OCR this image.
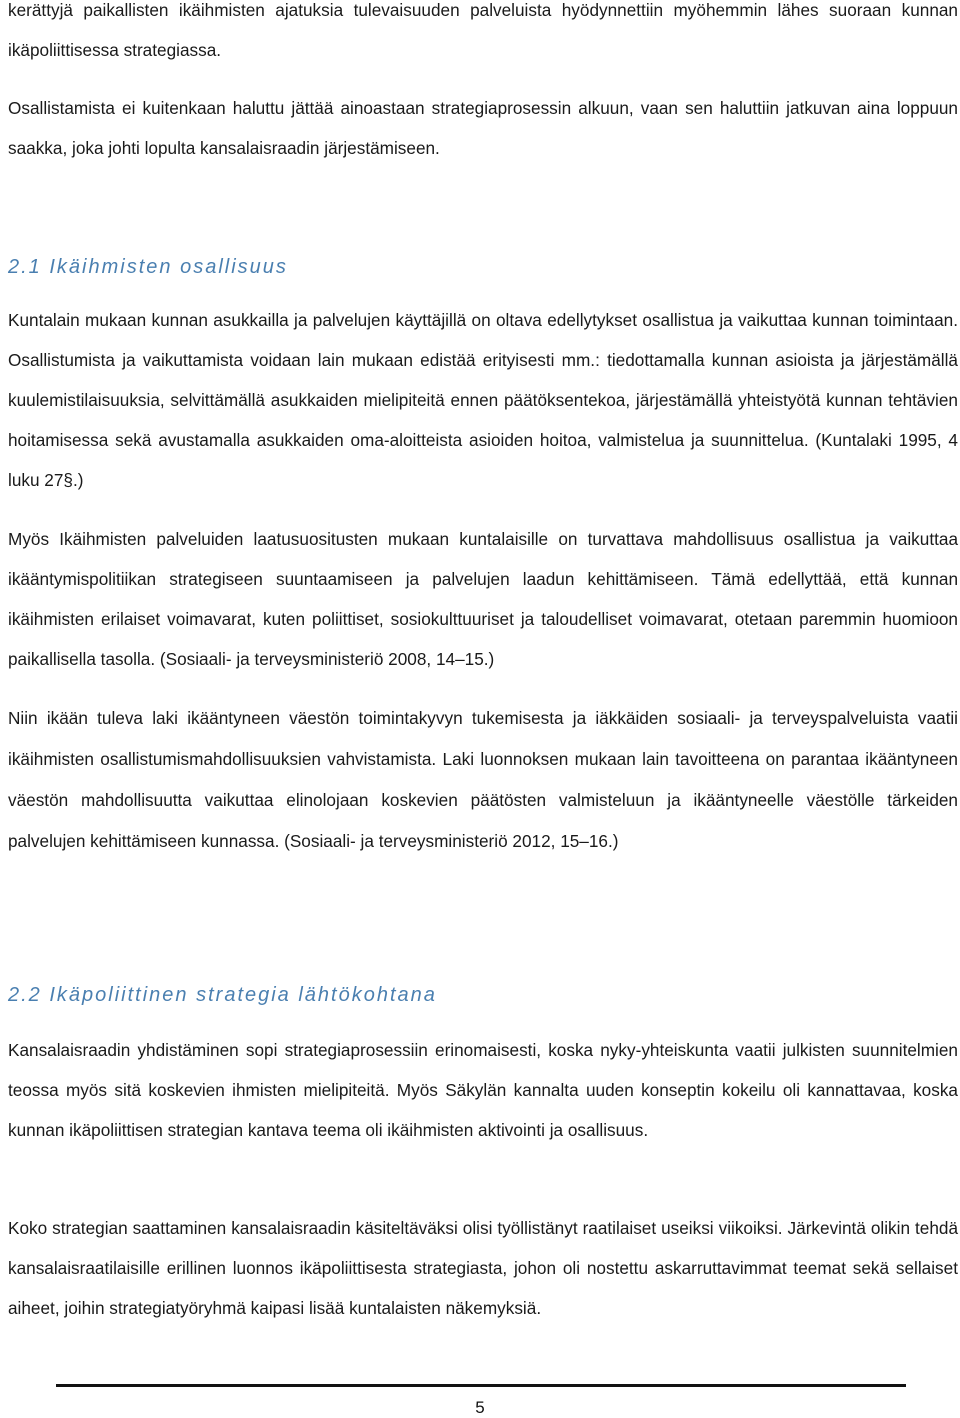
kerättyjä paikallisten ikäihmisten ajatuksia tulevaisuuden palveluista hyödynnettiin myöhemmin lähes suoraan kunnan ikäpoliittisessa strategiassa.

Osallistamista ei kuitenkaan haluttu jättää ainoastaan strategiaprosessin alkuun, vaan sen haluttiin jatkuvan aina loppuun saakka, joka johti lopulta kansalaisraadin järjestämiseen.

2.1 Ikäihmisten osallisuus

Kuntalain mukaan kunnan asukkailla ja palvelujen käyttäjillä on oltava edellytykset osallistua ja vaikuttaa kunnan toimintaan. Osallistumista ja vaikuttamista voidaan lain mukaan edistää erityisesti mm.: tiedottamalla kunnan asioista ja järjestämällä kuulemistilaisuuksia, selvittämällä asukkaiden mielipiteitä ennen päätöksentekoa, järjestämällä yhteistyötä kunnan tehtävien hoitamisessa sekä avustamalla asukkaiden oma-aloitteista asioiden hoitoa, valmistelua ja suunnittelua. (Kuntalaki 1995, 4 luku 27§.)

Myös Ikäihmisten palveluiden laatusuositusten mukaan kuntalaisille on turvattava mahdollisuus osallistua ja vaikuttaa ikääntymispolitiikan strategiseen suuntaamiseen ja palvelujen laadun kehittämiseen. Tämä edellyttää, että kunnan ikäihmisten erilaiset voimavarat, kuten poliittiset, sosiokulttuuriset ja taloudelliset voimavarat, otetaan paremmin huomioon paikallisella tasolla. (Sosiaali- ja terveysministeriö 2008, 14–15.)

Niin ikään tuleva laki ikääntyneen väestön toimintakyvyn tukemisesta ja iäkkäiden sosiaali- ja terveyspalveluista vaatii ikäihmisten osallistumismahdollisuuksien vahvistamista. Laki luonnoksen mukaan lain tavoitteena on parantaa ikääntyneen väestön mahdollisuutta vaikuttaa elinolojaan koskevien päätösten valmisteluun ja ikääntyneelle väestölle tärkeiden palvelujen kehittämiseen kunnassa. (Sosiaali- ja terveysministeriö 2012, 15–16.)

2.2 Ikäpoliittinen strategia lähtökohtana

Kansalaisraadin yhdistäminen sopi strategiaprosessiin erinomaisesti, koska nyky-yhteiskunta vaatii julkisten suunnitelmien teossa myös sitä koskevien ihmisten mielipiteitä. Myös Säkylän kannalta uuden konseptin kokeilu oli kannattavaa, koska kunnan ikäpoliittisen strategian kantava teema oli ikäihmisten aktivointi ja osallisuus.

Koko strategian saattaminen kansalaisraadin käsiteltäväksi olisi työllistänyt raatilaiset useiksi viikoiksi. Järkevintä olikin tehdä kansalaisraatilaisille erillinen luonnos ikäpoliittisesta strategiasta, johon oli nostettu askarruttavimmat teemat sekä sellaiset aiheet, joihin strategiatyöryhmä kaipasi lisää kuntalaisten näkemyksiä.

5
